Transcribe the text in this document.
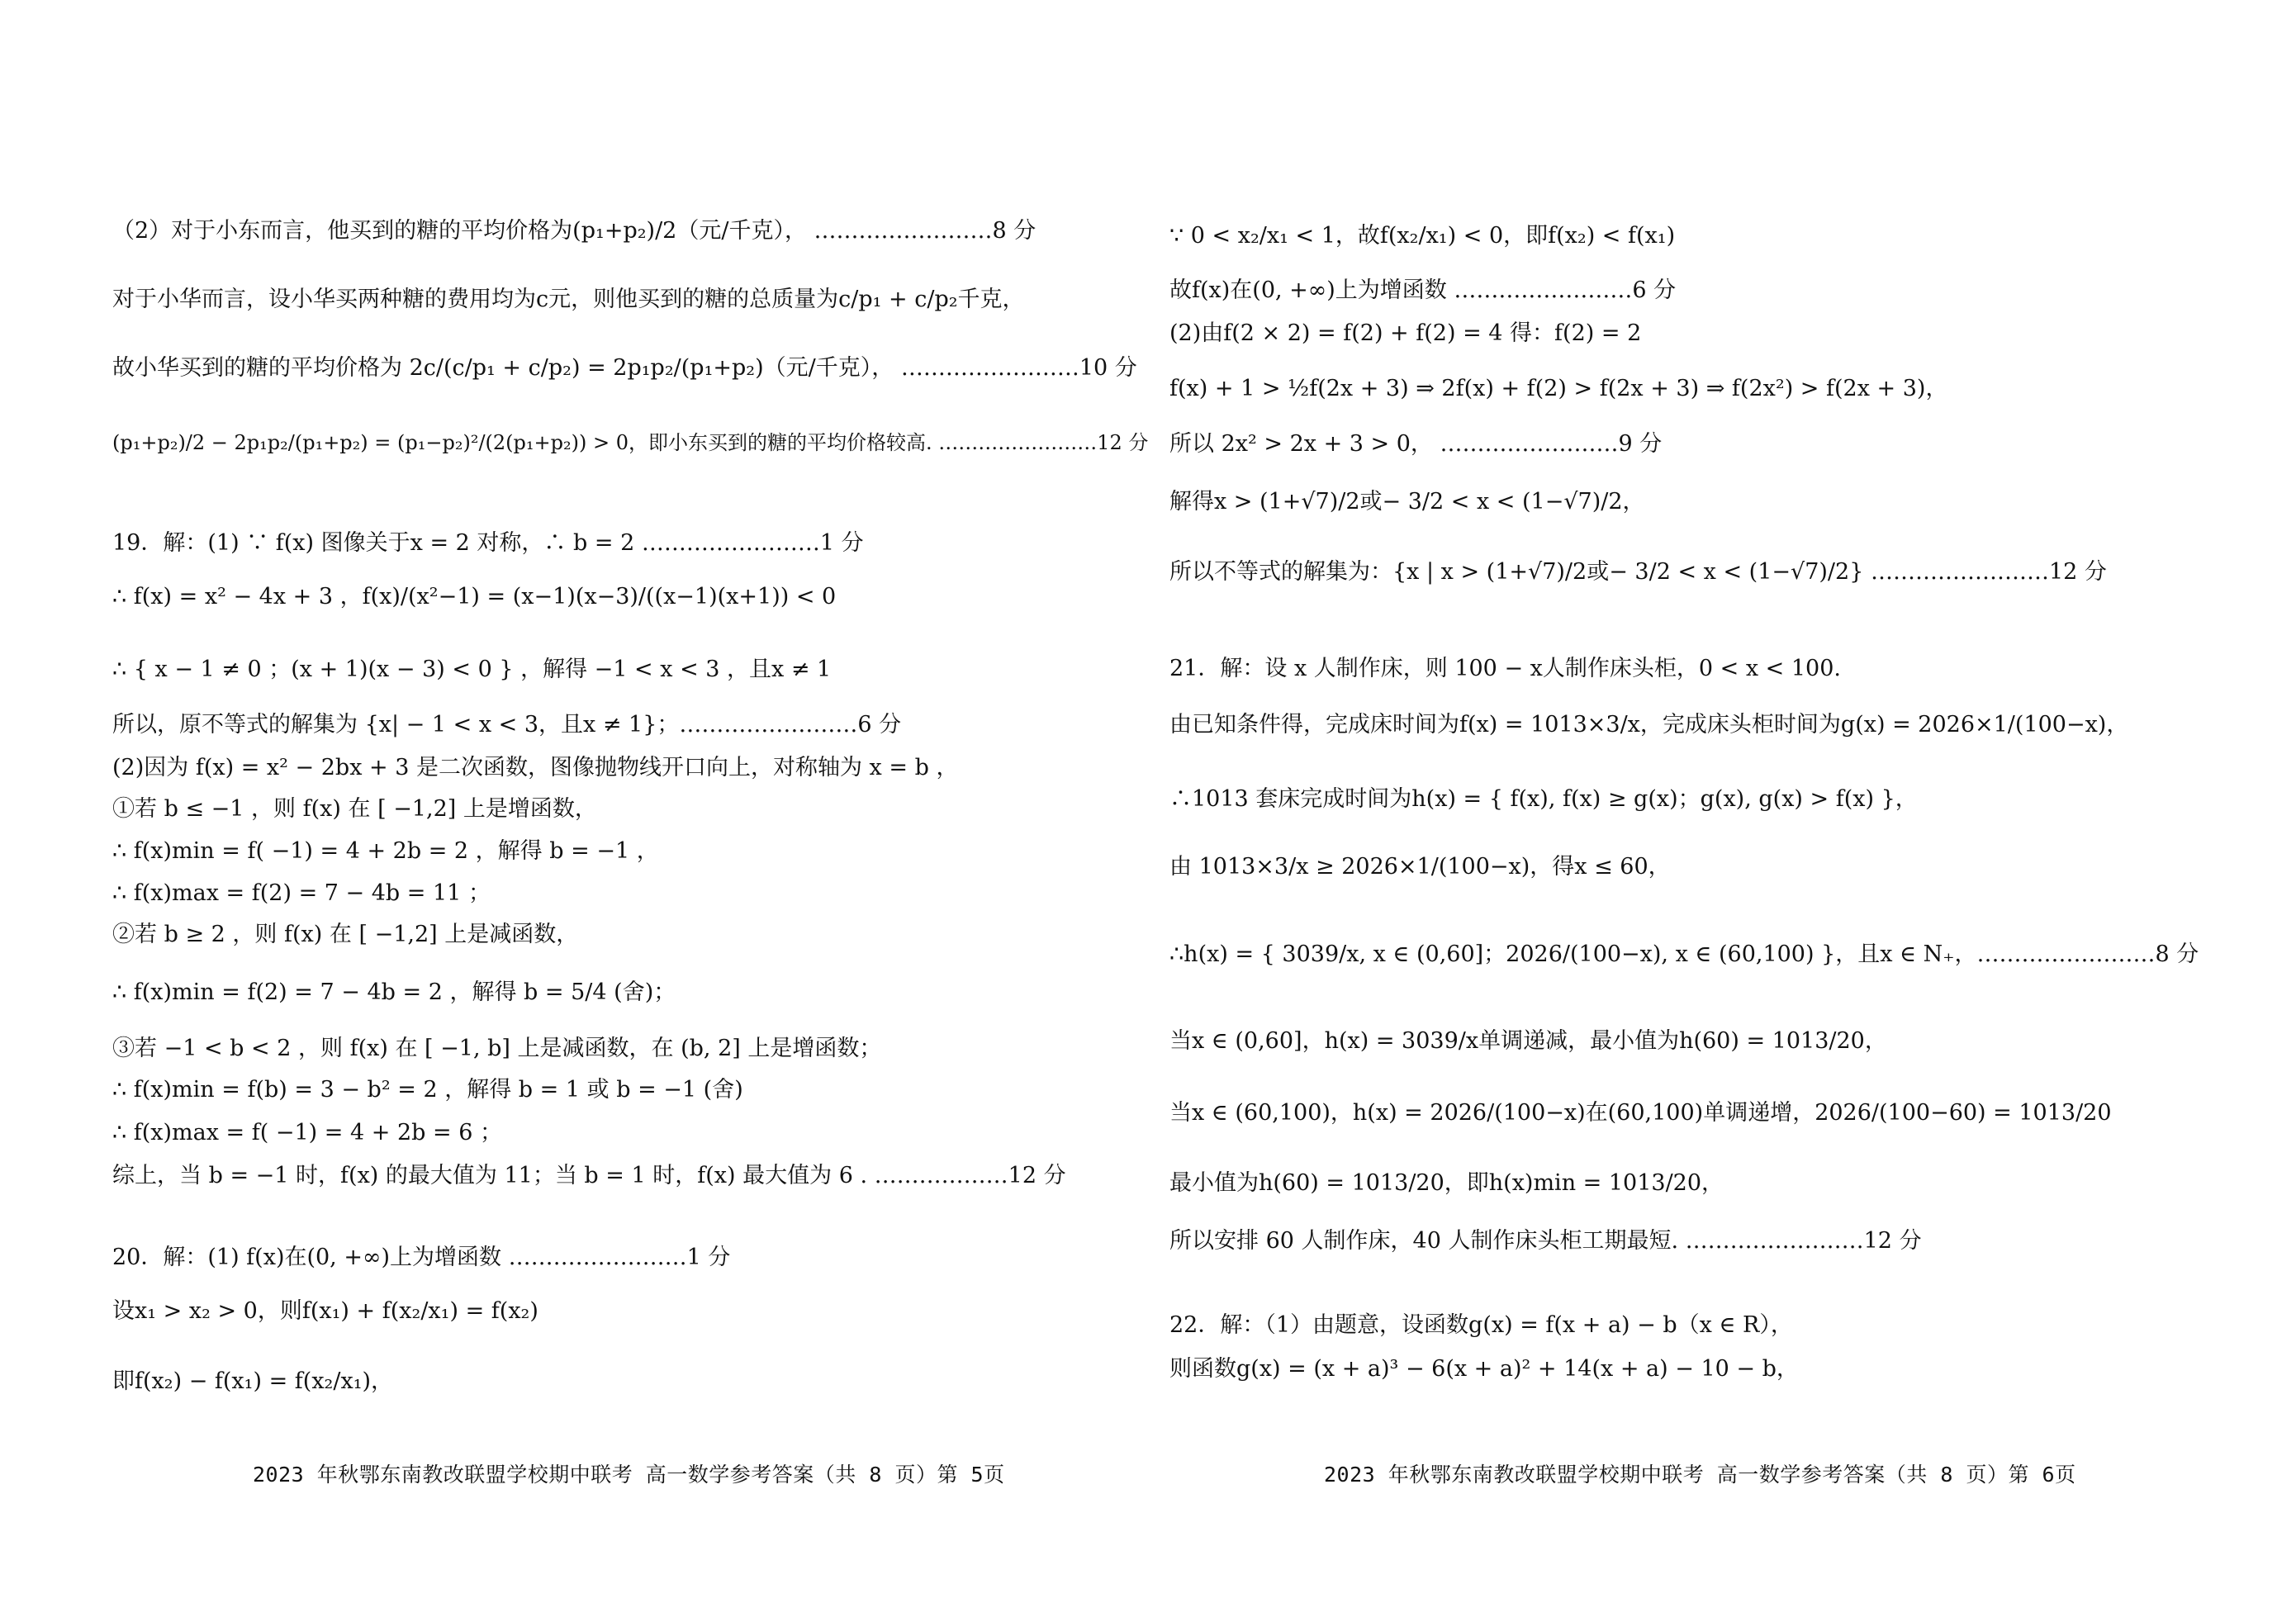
（2）对于小东而言，他买到的糖的平均价格为(p₁+p₂)/2（元/千克）， ……………………8 分
对于小华而言，设小华买两种糖的费用均为c元，则他买到的糖的总质量为c/p₁ + c/p₂千克，
故小华买到的糖的平均价格为 2c/(c/p₁ + c/p₂) = 2p₁p₂/(p₁+p₂)（元/千克）， ……………………10 分
(p₁+p₂)/2 − 2p₁p₂/(p₁+p₂) = (p₁−p₂)²/(2(p₁+p₂)) > 0，即小东买到的糖的平均价格较高. ……………………12 分
19．解：(1) ∵ f(x) 图像关于x = 2 对称，∴ b = 2 ……………………1 分
∴ f(x) = x² − 4x + 3 ，f(x)/(x²−1) = (x−1)(x−3)/((x−1)(x+1)) < 0
∴ { x − 1 ≠ 0 ；(x + 1)(x − 3) < 0 } ，解得 −1 < x < 3 ，且x ≠ 1
所以，原不等式的解集为 {x| − 1 < x < 3，且x ≠ 1}；……………………6 分
(2)因为 f(x) = x² − 2bx + 3 是二次函数，图像抛物线开口向上，对称轴为 x = b ，
①若 b ≤ −1 ，则 f(x) 在 [ −1,2] 上是增函数，
∴ f(x)min = f( −1) = 4 + 2b = 2 ，解得 b = −1 ，
∴ f(x)max = f(2) = 7 − 4b = 11 ；
②若 b ≥ 2 ，则 f(x) 在 [ −1,2] 上是减函数，
∴ f(x)min = f(2) = 7 − 4b = 2 ，解得 b = 5/4 (舍)；
③若 −1 < b < 2 ，则 f(x) 在 [ −1, b] 上是减函数，在 (b, 2] 上是增函数；
∴ f(x)min = f(b) = 3 − b² = 2 ，解得 b = 1 或 b = −1 (舍)
∴ f(x)max = f( −1) = 4 + 2b = 6 ；
综上，当 b = −1 时，f(x) 的最大值为 11；当 b = 1 时，f(x) 最大值为 6 . ………………12 分
20．解：(1) f(x)在(0, +∞)上为增函数 ……………………1 分
设x₁ > x₂ > 0，则f(x₁) + f(x₂/x₁) = f(x₂)
即f(x₂) − f(x₁) = f(x₂/x₁)，
2023 年秋鄂东南教改联盟学校期中联考 高一数学参考答案（共 8 页）第 5页
∵ 0 < x₂/x₁ < 1，故f(x₂/x₁) < 0，即f(x₂) < f(x₁)
故f(x)在(0, +∞)上为增函数 ……………………6 分
(2)由f(2 × 2) = f(2) + f(2) = 4 得：f(2) = 2
f(x) + 1 > ½f(2x + 3) ⇒ 2f(x) + f(2) > f(2x + 3) ⇒ f(2x²) > f(2x + 3)，
所以 2x² > 2x + 3 > 0， ……………………9 分
解得x > (1+√7)/2或− 3/2 < x < (1−√7)/2，
所以不等式的解集为：{x | x > (1+√7)/2或− 3/2 < x < (1−√7)/2} ……………………12 分
21．解：设 x 人制作床，则 100 − x人制作床头柜，0 < x < 100.
由已知条件得，完成床时间为f(x) = 1013×3/x，完成床头柜时间为g(x) = 2026×1/(100−x)，
∴1013 套床完成时间为h(x) = { f(x), f(x) ≥ g(x)；g(x), g(x) > f(x) }，
由 1013×3/x ≥ 2026×1/(100−x)，得x ≤ 60，
∴h(x) = { 3039/x, x ∈ (0,60]；2026/(100−x), x ∈ (60,100) }，且x ∈ N₊，……………………8 分
当x ∈ (0,60]，h(x) = 3039/x单调递减，最小值为h(60) = 1013/20，
当x ∈ (60,100)，h(x) = 2026/(100−x)在(60,100)单调递增，2026/(100−60) = 1013/20
最小值为h(60) = 1013/20，即h(x)min = 1013/20，
所以安排 60 人制作床，40 人制作床头柜工期最短. ……………………12 分
22．解：（1）由题意，设函数g(x) = f(x + a) − b（x ∈ R），
则函数g(x) = (x + a)³ − 6(x + a)² + 14(x + a) − 10 − b，
2023 年秋鄂东南教改联盟学校期中联考 高一数学参考答案（共 8 页）第 6页
